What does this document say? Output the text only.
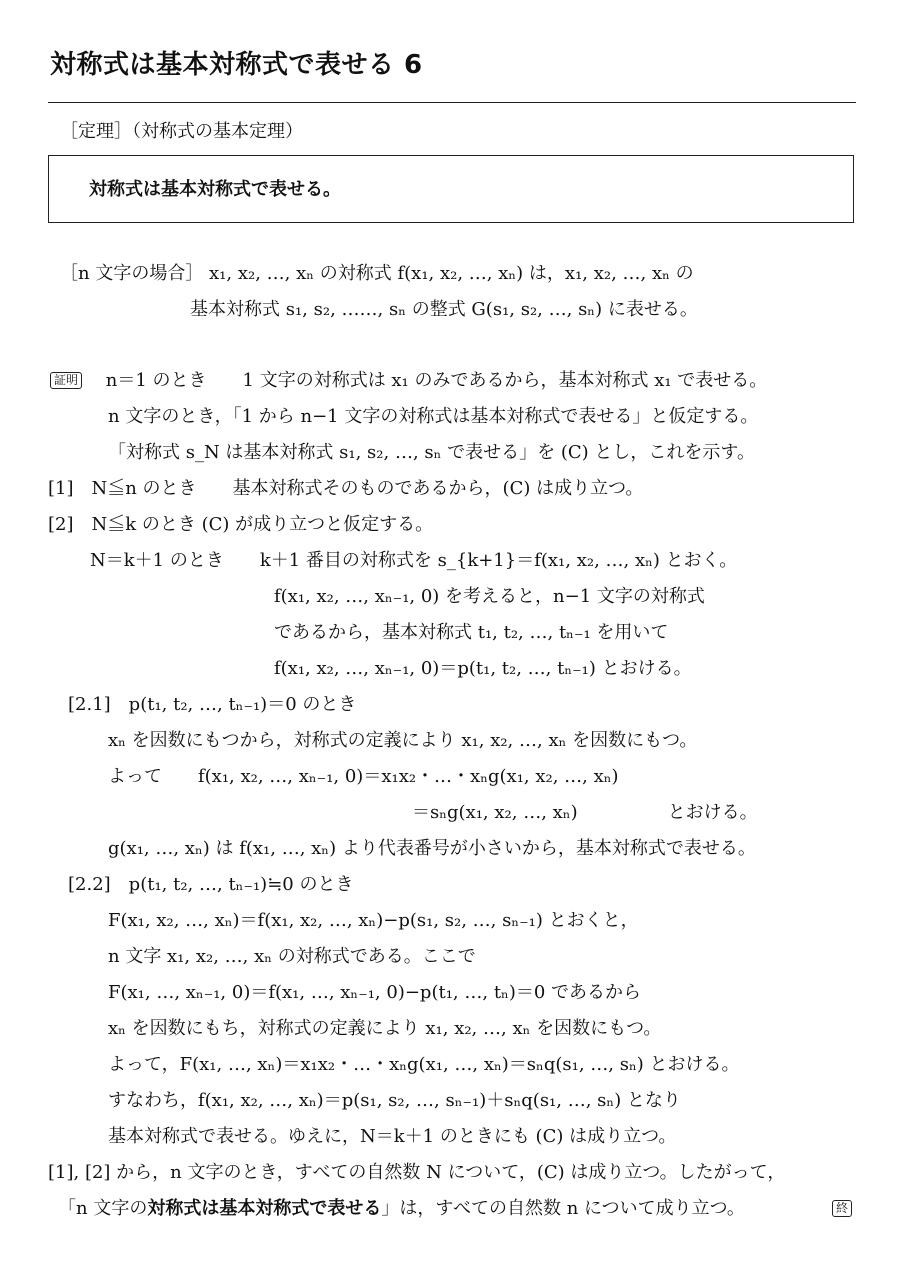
対称式は基本対称式で表せる 6
［定理］（対称式の基本定理）
対称式は基本対称式で表せる。
［n 文字の場合］ x₁, x₂, …, xₙ の対称式 f(x₁, x₂, …, xₙ) は，x₁, x₂, …, xₙ の
基本対称式 s₁, s₂, ……, sₙ の整式 G(s₁, s₂, …, sₙ) に表せる。
証明 n＝1 のとき　　1 文字の対称式は x₁ のみであるから，基本対称式 x₁ で表せる。
n 文字のとき，「1 から n−1 文字の対称式は基本対称式で表せる」と仮定する。
「対称式 s_N は基本対称式 s₁, s₂, …, sₙ で表せる」を (C) とし，これを示す。
[1]　N≦n のとき　　基本対称式そのものであるから，(C) は成り立つ。
[2]　N≦k のとき (C) が成り立つと仮定する。
N＝k＋1 のとき　　k＋1 番目の対称式を s_{k+1}＝f(x₁, x₂, …, xₙ) とおく。
f(x₁, x₂, …, xₙ₋₁, 0) を考えると，n−1 文字の対称式
であるから，基本対称式 t₁, t₂, …, tₙ₋₁ を用いて
f(x₁, x₂, …, xₙ₋₁, 0)＝p(t₁, t₂, …, tₙ₋₁) とおける。
[2.1]　p(t₁, t₂, …, tₙ₋₁)＝0 のとき
xₙ を因数にもつから，対称式の定義により x₁, x₂, …, xₙ を因数にもつ。
よって　　f(x₁, x₂, …, xₙ₋₁, 0)＝x₁x₂・…・xₙg(x₁, x₂, …, xₙ)
＝sₙg(x₁, x₂, …, xₙ)　　　　　とおける。
g(x₁, …, xₙ) は f(x₁, …, xₙ) より代表番号が小さいから，基本対称式で表せる。
[2.2]　p(t₁, t₂, …, tₙ₋₁)≒0 のとき
F(x₁, x₂, …, xₙ)＝f(x₁, x₂, …, xₙ)−p(s₁, s₂, …, sₙ₋₁) とおくと，
n 文字 x₁, x₂, …, xₙ の対称式である。ここで
F(x₁, …, xₙ₋₁, 0)＝f(x₁, …, xₙ₋₁, 0)−p(t₁, …, tₙ)＝0 であるから
xₙ を因数にもち，対称式の定義により x₁, x₂, …, xₙ を因数にもつ。
よって，F(x₁, …, xₙ)＝x₁x₂・…・xₙg(x₁, …, xₙ)＝sₙq(s₁, …, sₙ) とおける。
すなわち，f(x₁, x₂, …, xₙ)＝p(s₁, s₂, …, sₙ₋₁)＋sₙq(s₁, …, sₙ) となり
基本対称式で表せる。ゆえに，N＝k＋1 のときにも (C) は成り立つ。
[1], [2] から，n 文字のとき，すべての自然数 N について，(C) は成り立つ。したがって，
「n 文字の対称式は基本対称式で表せる」は，すべての自然数 n について成り立つ。	終
